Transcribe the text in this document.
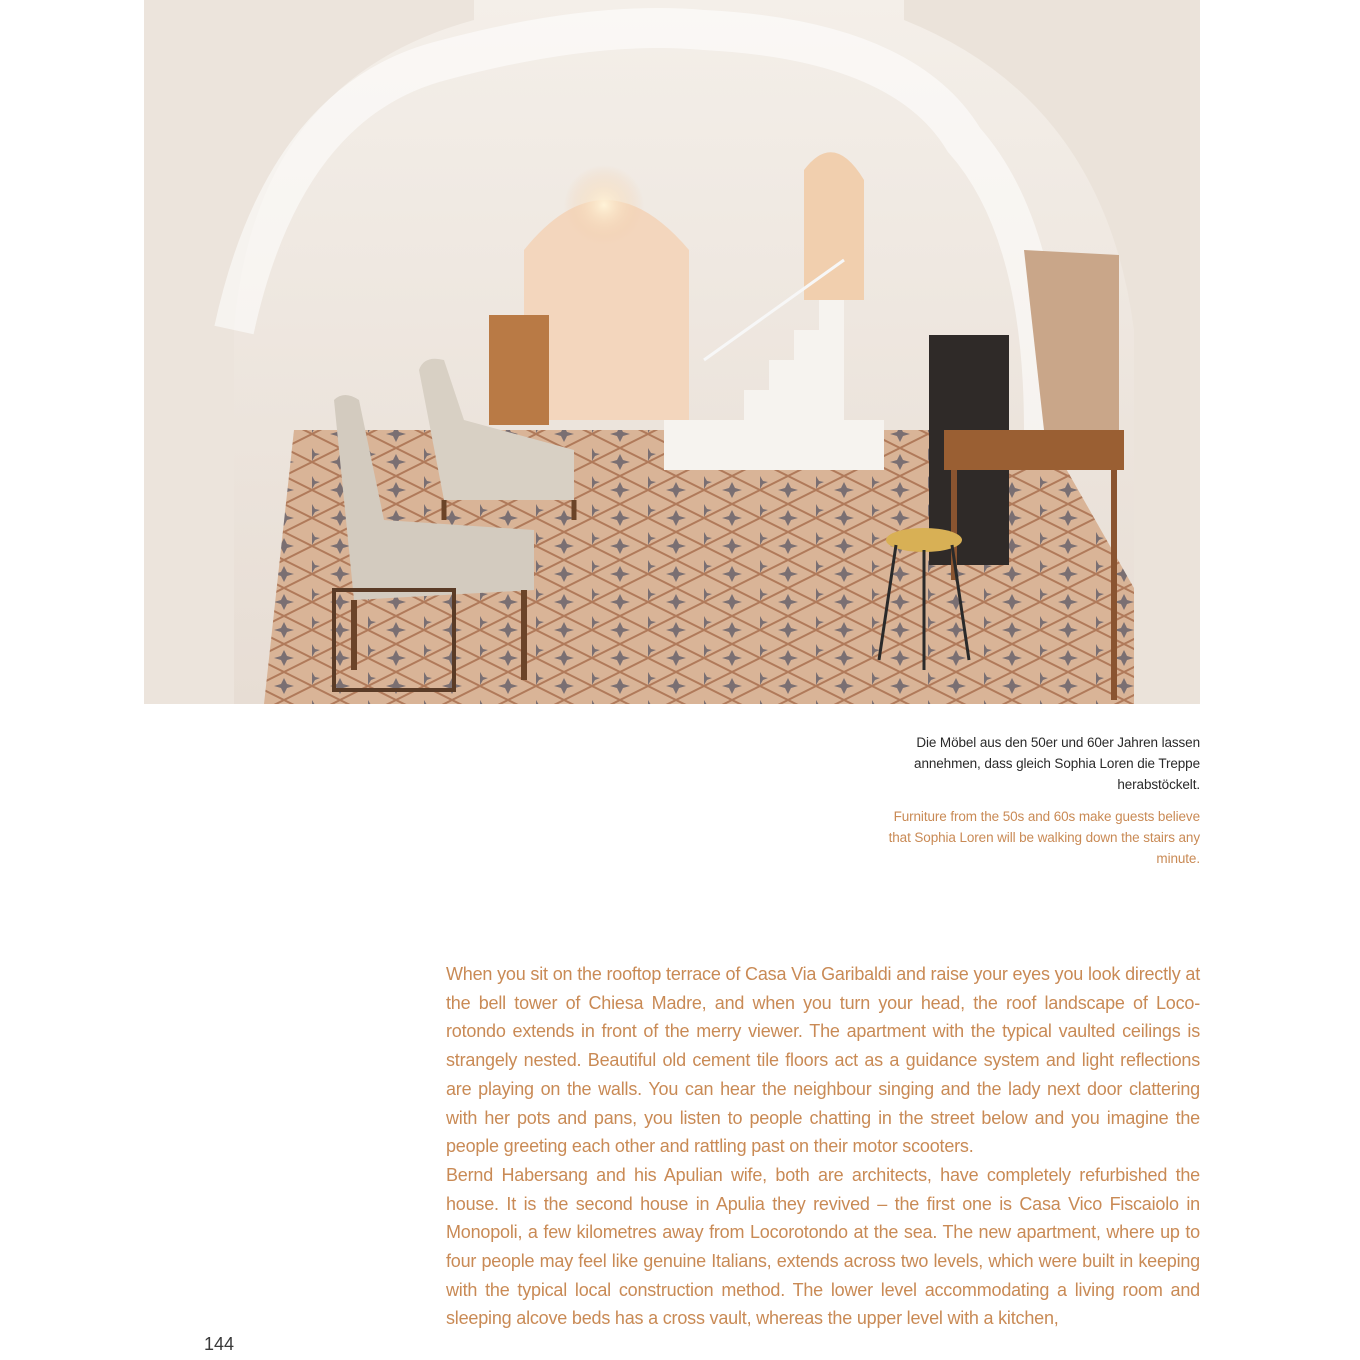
Die Möbel aus den 50er und 60er Jahren lassen annehmen, dass gleich Sophia Loren die Treppe herabstöckelt.

Furniture from the 50s and 60s make guests believe that Sophia Loren will be walking down the stairs any minute.

When you sit on the rooftop terrace of Casa Via Garibaldi and raise your eyes you look directly at the bell tower of Chiesa Madre, and when you turn your head, the roof landscape of Loco-rotondo extends in front of the merry viewer. The apartment with the typical vaulted ceilings is strangely nested. Beautiful old cement tile floors act as a guidance system and light reflections are playing on the walls. You can hear the neighbour singing and the lady next door clattering with her pots and pans, you listen to people chatting in the street below and you imagine the people greeting each other and rattling past on their motor scooters.

Bernd Habersang and his Apulian wife, both are architects, have completely refurbished the house. It is the second house in Apulia they revived – the first one is Casa Vico Fiscaiolo in Monopoli, a few kilometres away from Locorotondo at the sea. The new apartment, where up to four people may feel like genuine Italians, extends across two levels, which were built in keeping with the typical local construction method. The lower level accommodating a living room and sleeping alcove beds has a cross vault, whereas the upper level with a kitchen,

144
